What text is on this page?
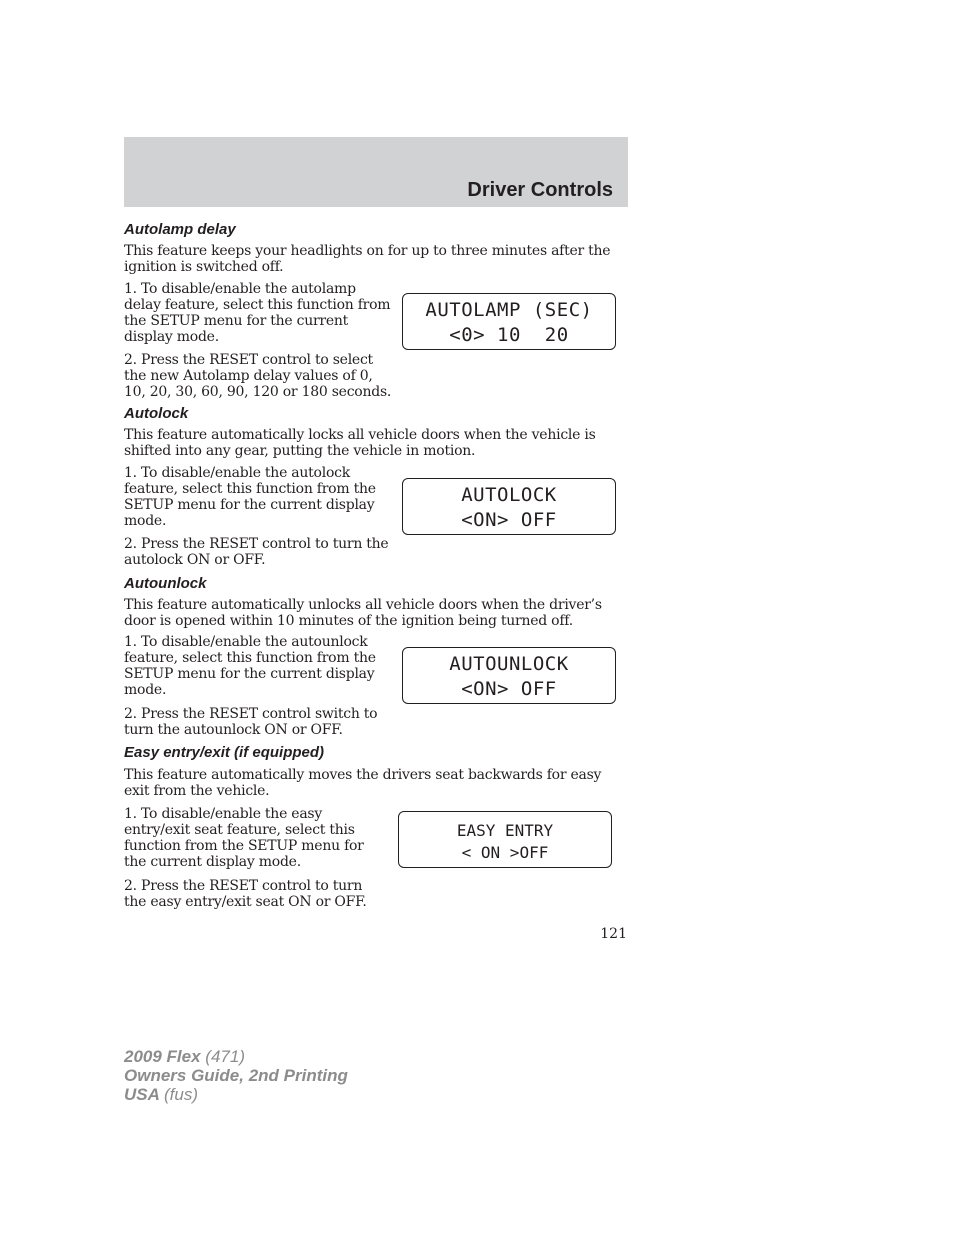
Driver Controls
Autolamp delay

This feature keeps your headlights on for up to three minutes after the ignition is switched off.

1. To disable/enable the autolamp delay feature, select this function from the SETUP menu for the current display mode.

2. Press the RESET control to select the new Autolamp delay values of 0, 10, 20, 30, 60, 90, 120 or 180 seconds.

AUTOLAMP (SEC)
<0> 10  20
Autolock

This feature automatically locks all vehicle doors when the vehicle is shifted into any gear, putting the vehicle in motion.

1. To disable/enable the autolock feature, select this function from the SETUP menu for the current display mode.

2. Press the RESET control to turn the autolock ON or OFF.

AUTOLOCK
<ON> OFF
Autounlock

This feature automatically unlocks all vehicle doors when the driver’s door is opened within 10 minutes of the ignition being turned off.

1. To disable/enable the autounlock feature, select this function from the SETUP menu for the current display mode.

2. Press the RESET control switch to turn the autounlock ON or OFF.

AUTOUNLOCK
<ON> OFF
Easy entry/exit (if equipped)

This feature automatically moves the drivers seat backwards for easy exit from the vehicle.

1. To disable/enable the easy entry/exit seat feature, select this function from the SETUP menu for the current display mode.

2. Press the RESET control to turn the easy entry/exit seat ON or OFF.

EASY ENTRY
< ON >OFF

121

2009 Flex (471)
Owners Guide, 2nd Printing
USA (fus)
